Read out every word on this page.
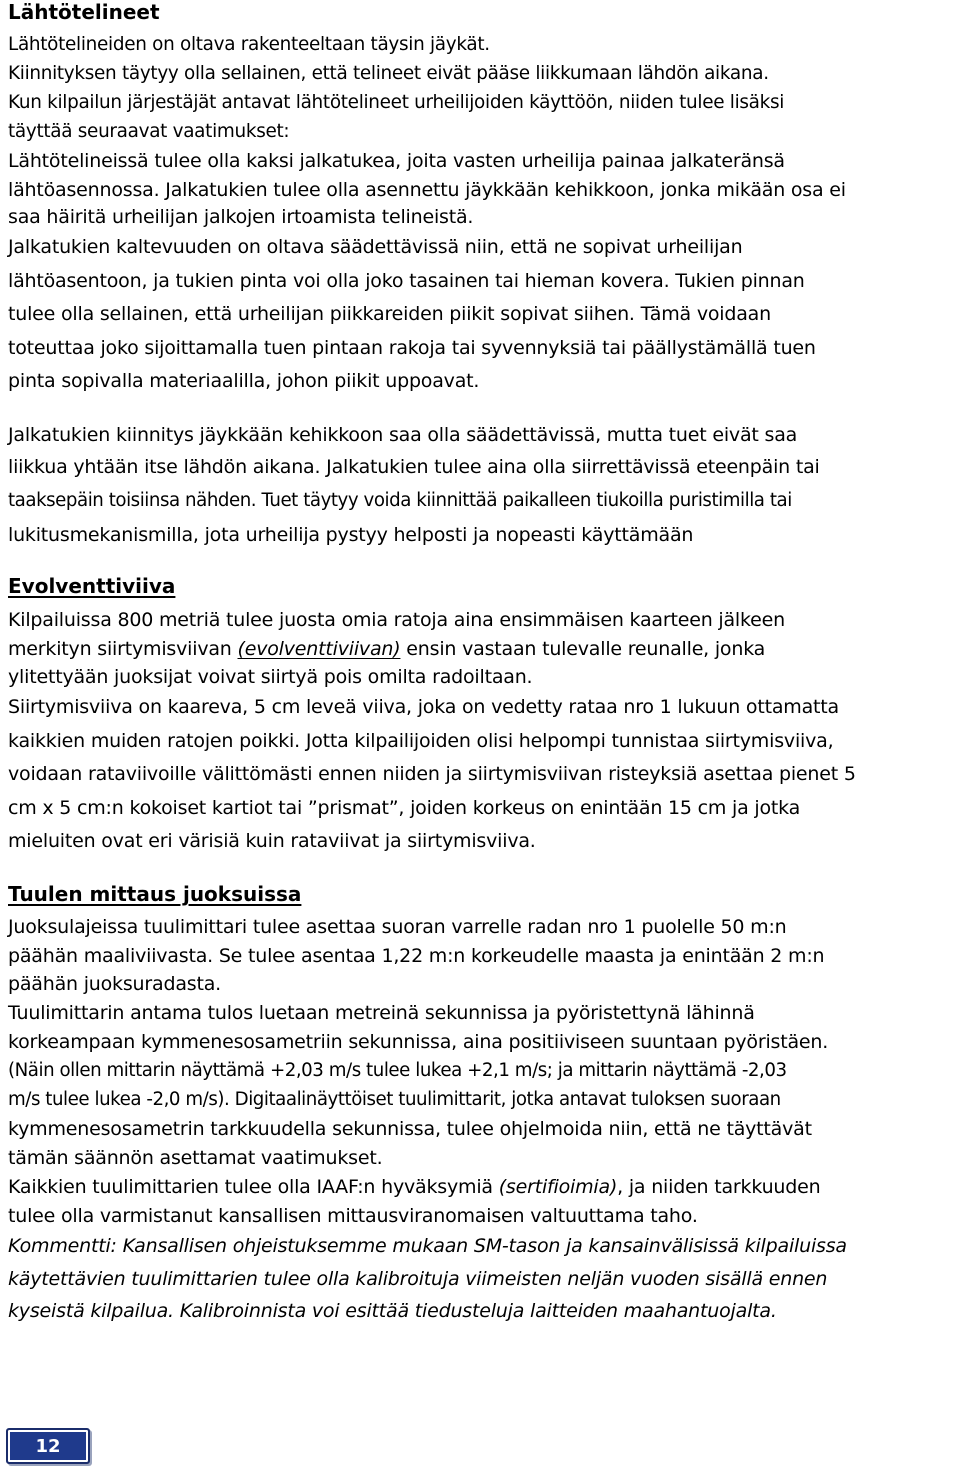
Lähtötelineet
Lähtötelineiden on oltava rakenteeltaan täysin jäykät.
Kiinnityksen täytyy olla sellainen, että telineet eivät pääse liikkumaan lähdön aikana.
Kun kilpailun järjestäjät antavat lähtötelineet urheilijoiden käyttöön, niiden tulee lisäksi
täyttää seuraavat vaatimukset:
Lähtötelineissä tulee olla kaksi jalkatukea, joita vasten urheilija painaa jalkateränsä
lähtöasennossa. Jalkatukien tulee olla asennettu jäykkään kehikkoon, jonka mikään osa ei
saa häiritä urheilijan jalkojen irtoamista telineistä.
Jalkatukien kaltevuuden on oltava säädettävissä niin, että ne sopivat urheilijan
lähtöasentoon, ja tukien pinta voi olla joko tasainen tai hieman kovera. Tukien pinnan
tulee olla sellainen, että urheilijan piikkareiden piikit sopivat siihen. Tämä voidaan
toteuttaa joko sijoittamalla tuen pintaan rakoja tai syvennyksiä tai päällystämällä tuen
pinta sopivalla materiaalilla, johon piikit uppoavat.
Jalkatukien kiinnitys jäykkään kehikkoon saa olla säädettävissä, mutta tuet eivät saa
liikkua yhtään itse lähdön aikana. Jalkatukien tulee aina olla siirrettävissä eteenpäin tai
taaksepäin toisiinsa nähden. Tuet täytyy voida kiinnittää paikalleen tiukoilla puristimilla tai
lukitusmekanismilla, jota urheilija pystyy helposti ja nopeasti käyttämään
Evolventtiviiva
Kilpailuissa 800 metriä tulee juosta omia ratoja aina ensimmäisen kaarteen jälkeen
merkityn siirtymisviivan (evolventtiviivan) ensin vastaan tulevalle reunalle, jonka
ylitettyään juoksijat voivat siirtyä pois omilta radoiltaan.
Siirtymisviiva on kaareva, 5 cm leveä viiva, joka on vedetty rataa nro 1 lukuun ottamatta
kaikkien muiden ratojen poikki. Jotta kilpailijoiden olisi helpompi tunnistaa siirtymisviiva,
voidaan rataviivoille välittömästi ennen niiden ja siirtymisviivan risteyksiä asettaa pienet 5
cm x 5 cm:n kokoiset kartiot tai ”prismat”, joiden korkeus on enintään 15 cm ja jotka
mieluiten ovat eri värisiä kuin rataviivat ja siirtymisviiva.
Tuulen mittaus juoksuissa
Juoksulajeissa tuulimittari tulee asettaa suoran varrelle radan nro 1 puolelle 50 m:n
päähän maaliviivasta. Se tulee asentaa 1,22 m:n korkeudelle maasta ja enintään 2 m:n
päähän juoksuradasta.
Tuulimittarin antama tulos luetaan metreinä sekunnissa ja pyöristettynä lähinnä
korkeampaan kymmenesosametriin sekunnissa, aina positiiviseen suuntaan pyöristäen.
(Näin ollen mittarin näyttämä +2,03 m/s tulee lukea +2,1 m/s; ja mittarin näyttämä -2,03
m/s tulee lukea -2,0 m/s). Digitaalinäyttöiset tuulimittarit, jotka antavat tuloksen suoraan
kymmenesosametrin tarkkuudella sekunnissa, tulee ohjelmoida niin, että ne täyttävät
tämän säännön asettamat vaatimukset.
Kaikkien tuulimittarien tulee olla IAAF:n hyväksymiä (sertifioimia), ja niiden tarkkuuden
tulee olla varmistanut kansallisen mittausviranomaisen valtuuttama taho.
Kommentti: Kansallisen ohjeistuksemme mukaan SM-tason ja kansainvälisissä kilpailuissa
käytettävien tuulimittarien tulee olla kalibroituja viimeisten neljän vuoden sisällä ennen
kyseistä kilpailua. Kalibroinnista voi esittää tiedusteluja laitteiden maahantuojalta.
12
